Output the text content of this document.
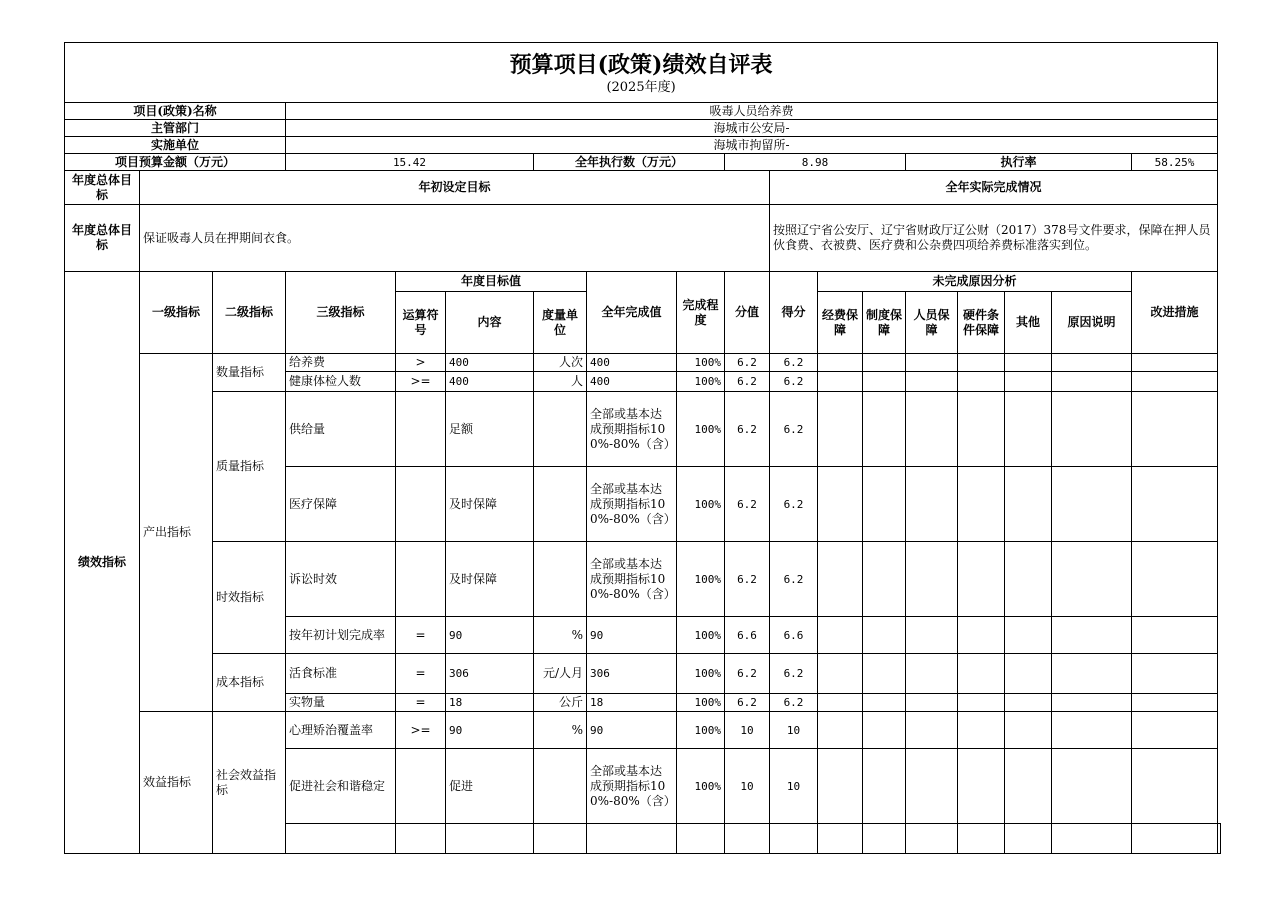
预算项目(政策)绩效自评表
(2025年度)																		

项目(政策)名称			吸毒人员给养费															
主管部门			海城市公安局-															
实施单位			海城市拘留所-															
项目预算金额（万元）			15.42			全年执行数（万元）			8.98				执行率				58.25%	
年度总体目标	年初设定目标									全年实际完成情况								
年度总体目标	保证吸毒人员在押期间衣食。									按照辽宁省公安厅、辽宁省财政厅辽公财（2017）378号文件要求，保障在押人员伙食费、衣被费、医疗费和公杂费四项给养费标准落实到位。								
绩效指标	一级指标	二级指标	三级指标	年度目标值			全年完成值	完成程度	分值	得分	未完成原因分析						改进措施	
				运算符号	内容	度量单位					经费保障	制度保障	人员保障	硬件条件保障	其他	原因说明		

	产出指标	数量指标	给养费	>	400	人次	400	100%	6.2	6.2								
			健康体检人数	>=	400	人	400	100%	6.2	6.2								
		质量指标	供给量		足额		全部或基本达成预期指标100%-80%（含）	100%	6.2	6.2								
			医疗保障		及时保障		全部或基本达成预期指标100%-80%（含）	100%	6.2	6.2								
		时效指标	诉讼时效		及时保障		全部或基本达成预期指标100%-80%（含）	100%	6.2	6.2								
			按年初计划完成率	=	90	%	90	100%	6.6	6.6								
		成本指标	活食标准	=	306	元/人月	306	100%	6.2	6.2								
			实物量	=	18	公斤	18	100%	6.2	6.2								
	效益指标	社会效益指标	心理矫治覆盖率	>=	90	%	90	100%	10	10								
			促进社会和谐稳定		促进		全部或基本达成预期指标100%-80%（含）	100%	10	10								
